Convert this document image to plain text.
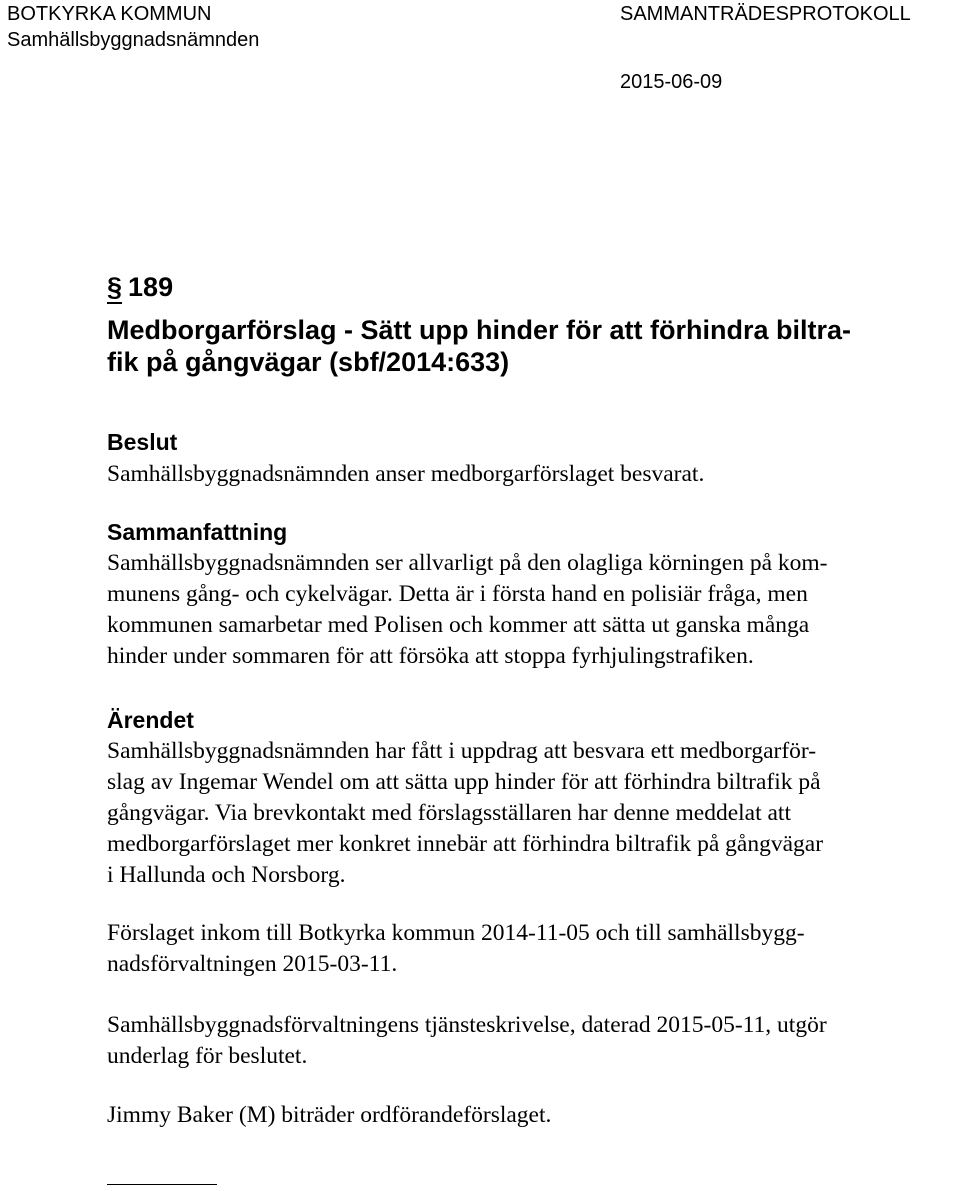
BOTKYRKA KOMMUN	SAMMANTRÄDESPROTOKOLL
Samhällsbyggnadsnämnden
2015-06-09
§ 189
Medborgarförslag - Sätt upp hinder för att förhindra biltra-
fik på gångvägar (sbf/2014:633)
Beslut

Samhällsbyggnadsnämnden anser medborgarförslaget besvarat.

Sammanfattning

Samhällsbyggnadsnämnden ser allvarligt på den olagliga körningen på kom-
munens gång- och cykelvägar. Detta är i första hand en polisiär fråga, men
kommunen samarbetar med Polisen och kommer att sätta ut ganska många
hinder under sommaren för att försöka att stoppa fyrhjulingstrafiken.

Ärendet

Samhällsbyggnadsnämnden har fått i uppdrag att besvara ett medborgarför-
slag av Ingemar Wendel om att sätta upp hinder för att förhindra biltrafik på
gångvägar. Via brevkontakt med förslagsställaren har denne meddelat att
medborgarförslaget mer konkret innebär att förhindra biltrafik på gångvägar
i Hallunda och Norsborg.

Förslaget inkom till Botkyrka kommun 2014-11-05 och till samhällsbygg-
nadsförvaltningen 2015-03-11.

Samhällsbyggnadsförvaltningens tjänsteskrivelse, daterad 2015-05-11, utgör
underlag för beslutet.

Jimmy Baker (M) biträder ordförandeförslaget.
